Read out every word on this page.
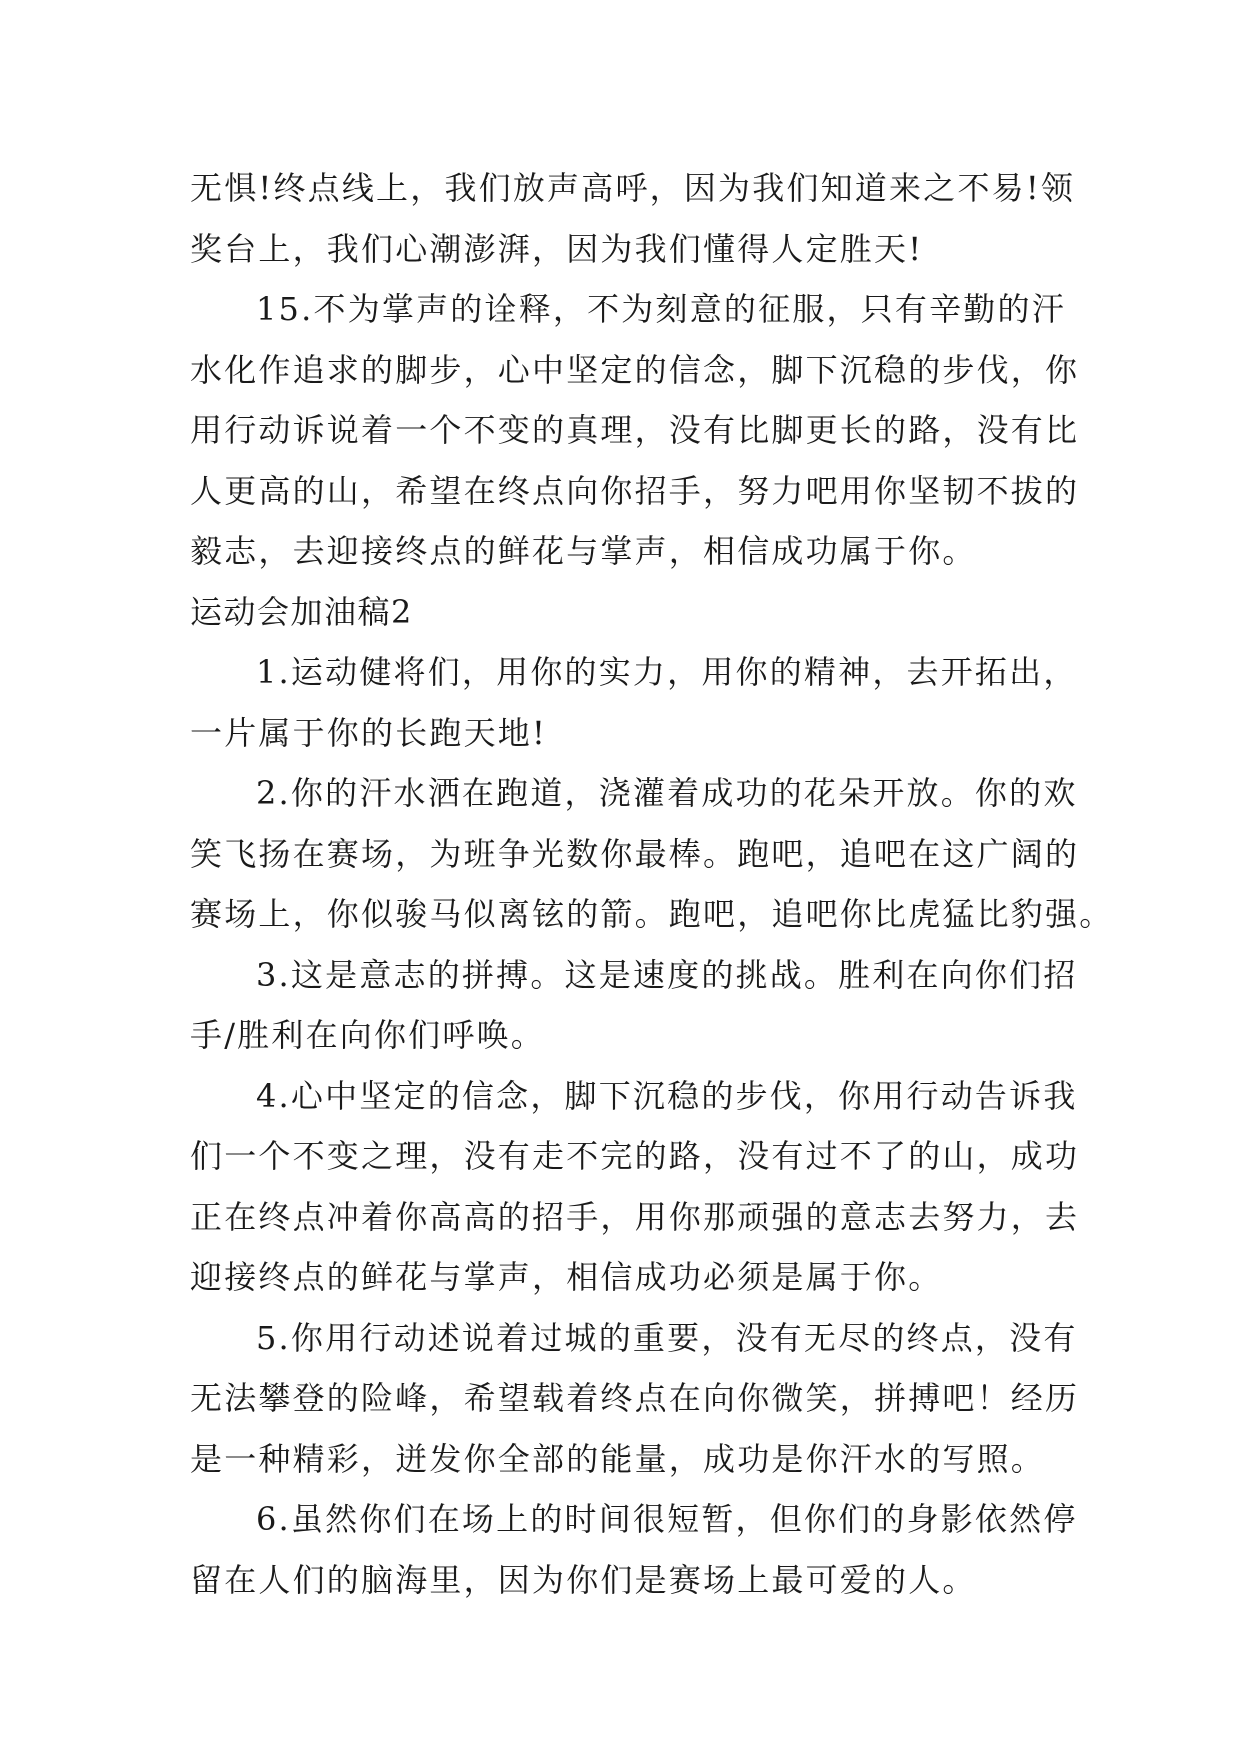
无惧!终点线上，我们放声高呼，因为我们知道来之不易!领
奖台上，我们心潮澎湃，因为我们懂得人定胜天!

15.不为掌声的诠释，不为刻意的征服，只有辛勤的汗
水化作追求的脚步，心中坚定的信念，脚下沉稳的步伐，你
用行动诉说着一个不变的真理，没有比脚更长的路，没有比
人更高的山，希望在终点向你招手，努力吧用你坚韧不拔的
毅志，去迎接终点的鲜花与掌声，相信成功属于你。

运动会加油稿2

1.运动健将们，用你的实力，用你的精神，去开拓出，
一片属于你的长跑天地!

2.你的汗水洒在跑道，浇灌着成功的花朵开放。你的欢
笑飞扬在赛场，为班争光数你最棒。跑吧，追吧在这广阔的
赛场上，你似骏马似离铉的箭。跑吧，追吧你比虎猛比豹强。

3.这是意志的拼搏。这是速度的挑战。胜利在向你们招
手/胜利在向你们呼唤。

4.心中坚定的信念，脚下沉稳的步伐，你用行动告诉我
们一个不变之理，没有走不完的路，没有过不了的山，成功
正在终点冲着你高高的招手，用你那顽强的意志去努力，去
迎接终点的鲜花与掌声，相信成功必须是属于你。

5.你用行动述说着过城的重要，没有无尽的终点，没有
无法攀登的险峰，希望载着终点在向你微笑，拼搏吧！经历
是一种精彩，迸发你全部的能量，成功是你汗水的写照。

6.虽然你们在场上的时间很短暂，但你们的身影依然停
留在人们的脑海里，因为你们是赛场上最可爱的人。
